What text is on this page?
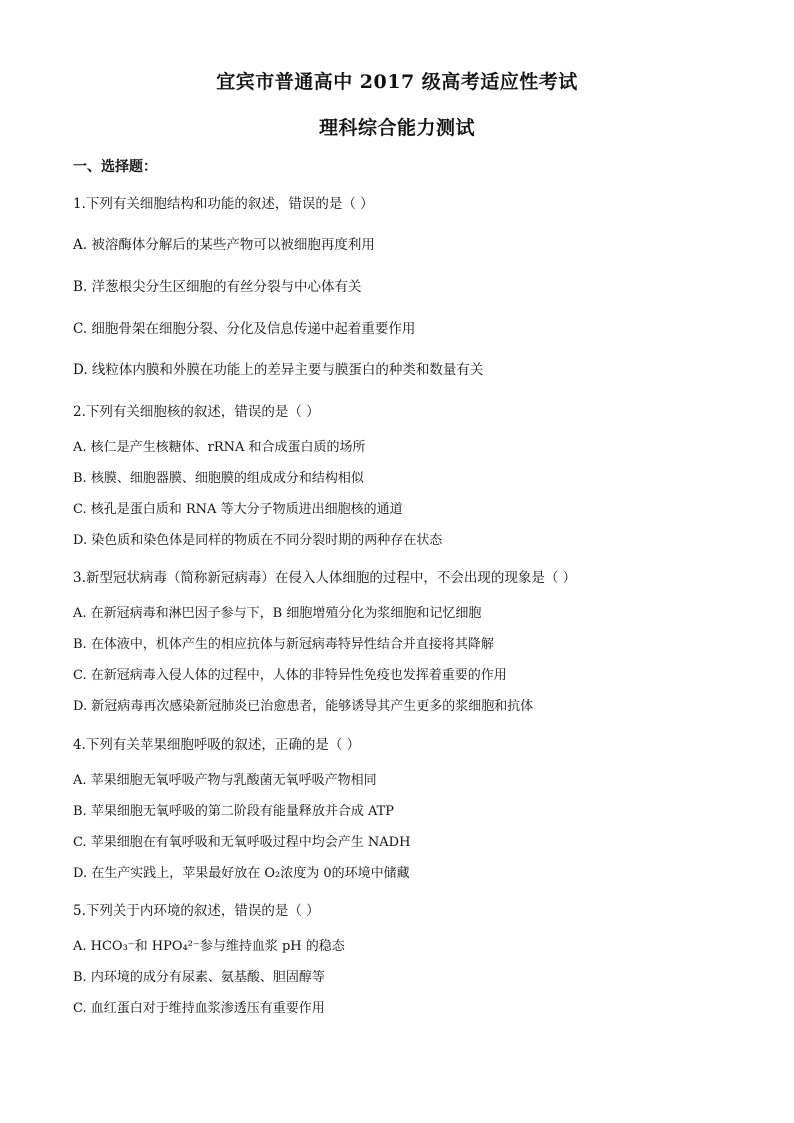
宜宾市普通高中 2017 级高考适应性考试
理科综合能力测试
一、选择题：
1.下列有关细胞结构和功能的叙述，错误的是（ ）
A. 被溶酶体分解后的某些产物可以被细胞再度利用
B. 洋葱根尖分生区细胞的有丝分裂与中心体有关
C. 细胞骨架在细胞分裂、分化及信息传递中起着重要作用
D. 线粒体内膜和外膜在功能上的差异主要与膜蛋白的种类和数量有关
2.下列有关细胞核的叙述，错误的是（ ）
A. 核仁是产生核糖体、rRNA 和合成蛋白质的场所
B. 核膜、细胞器膜、细胞膜的组成成分和结构相似
C. 核孔是蛋白质和 RNA 等大分子物质进出细胞核的通道
D. 染色质和染色体是同样的物质在不同分裂时期的两种存在状态
3.新型冠状病毒（简称新冠病毒）在侵入人体细胞的过程中，不会出现的现象是（ ）
A. 在新冠病毒和淋巴因子参与下，B 细胞增殖分化为浆细胞和记忆细胞
B. 在体液中，机体产生的相应抗体与新冠病毒特异性结合并直接将其降解
C. 在新冠病毒入侵人体的过程中，人体的非特异性免疫也发挥着重要的作用
D. 新冠病毒再次感染新冠肺炎已治愈患者，能够诱导其产生更多的浆细胞和抗体
4.下列有关苹果细胞呼吸的叙述，正确的是（ ）
A. 苹果细胞无氧呼吸产物与乳酸菌无氧呼吸产物相同
B. 苹果细胞无氧呼吸的第二阶段有能量释放并合成 ATP
C. 苹果细胞在有氧呼吸和无氧呼吸过程中均会产生 NADH
D. 在生产实践上，苹果最好放在 O₂浓度为 0的环境中储藏
5.下列关于内环境的叙述，错误的是（ ）
A. HCO₃⁻和 HPO₄²⁻参与维持血浆 pH 的稳态
B. 内环境的成分有尿素、氨基酸、胆固醇等
C. 血红蛋白对于维持血浆渗透压有重要作用
